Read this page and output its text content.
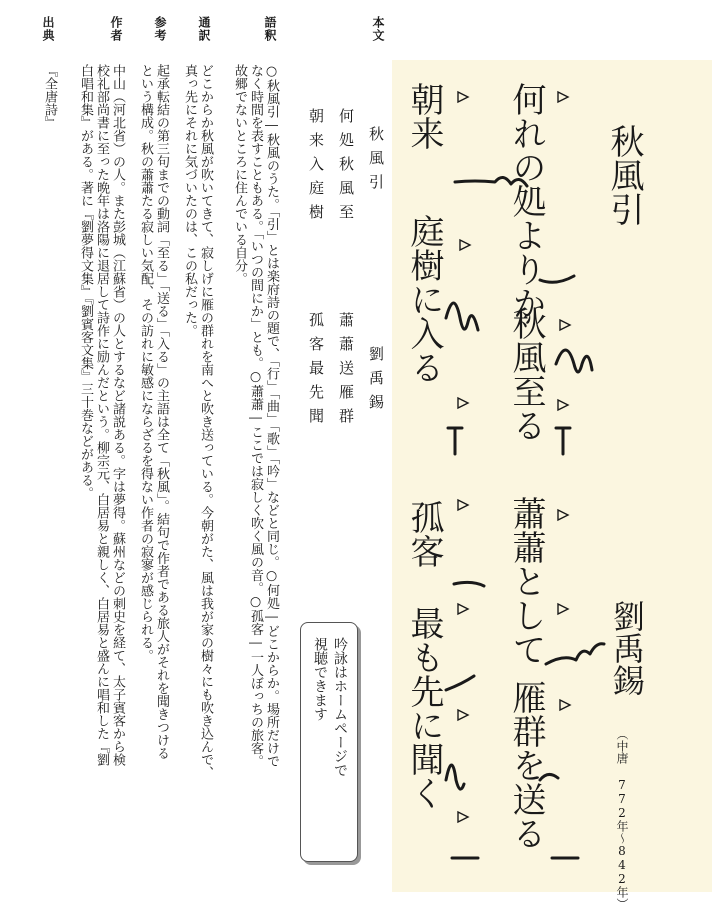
本文
語釈
通訳
参考
作者
出典
秋風引
劉禹錫
何処秋風至
蕭蕭送雁群
朝来入庭樹
孤客最先聞
○秋風引―秋風のうた。「引」とは楽府詩の題で、「行」「曲」「歌」「吟」などと同じ。○何処―どこからか。場所だけで
なく時間を表すこともある。「いつの間にか」とも。○蕭蕭―ここでは寂しく吹く風の音。○孤客―一人ぼっちの旅客。
故郷でないところに住んでいる自分。
どこからか秋風が吹いてきて、寂しげに雁の群れを南へと吹き送っている。今朝がた、風は我が家の樹々にも吹き込んで、
真っ先にそれに気づいたのは、この私だった。
起承転結の第三句までの動詞「至る」「送る」「入る」の主語は全て「秋風」。結句で作者である旅人がそれを聞きつける
という構成。秋の蕭蕭たる寂しい気配、その訪れに敏感にならざるを得ない作者の寂寥が感じられる。
中山（河北省）の人。また彭城（江蘇省）の人とするなど諸説ある。字は夢得。蘇州などの刺史を経て、太子賓客から検
校礼部尚書に至った晩年は洛陽に退居して詩作に励んだという。柳宗元、白居易と親しく、白居易と盛んに唱和した『劉
白唱和集』がある。著に『劉夢得文集』『劉賓客文集』三十巻などがある。
『全唐詩』
吟詠はホームページで
視聴できます
秋風引
劉禹錫
（中唐 772年〜842年）
何れの処よりか
秋風至る
蕭蕭として
雁群を送る
朝来
庭樹に入る
孤客
最も先に聞く
